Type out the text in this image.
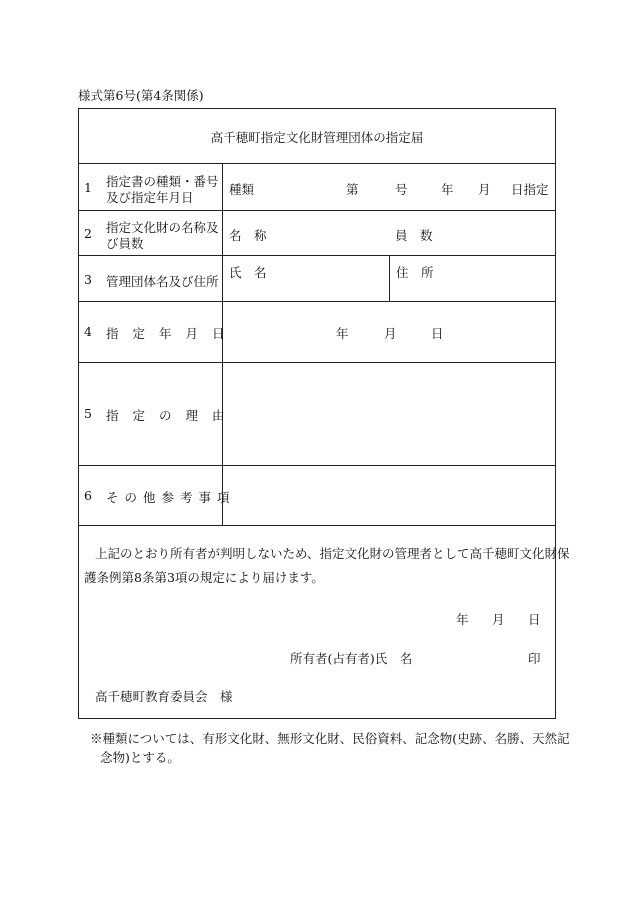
様式第6号(第4条関係)
高千穂町指定文化財管理団体の指定届
1 指定書の種類・番号
及び指定年月日
種類	第	号	年 月 日指定
2 指定文化財の名称及
び員数
名　称	員　数
3 管理団体名及び住所
氏　名	住　所
4 指定年月日	年	月	日
5 指定の理由
6 その他参考事項
上記のとおり所有者が判明しないため、指定文化財の管理者として高千穂町文化財保
護条例第8条第3項の規定により届けます。
年 月 日
所有者(占有者)氏　名	印
高千穂町教育委員会　様
※種類については、有形文化財、無形文化財、民俗資料、記念物(史跡、名勝、天然記
念物)とする。
